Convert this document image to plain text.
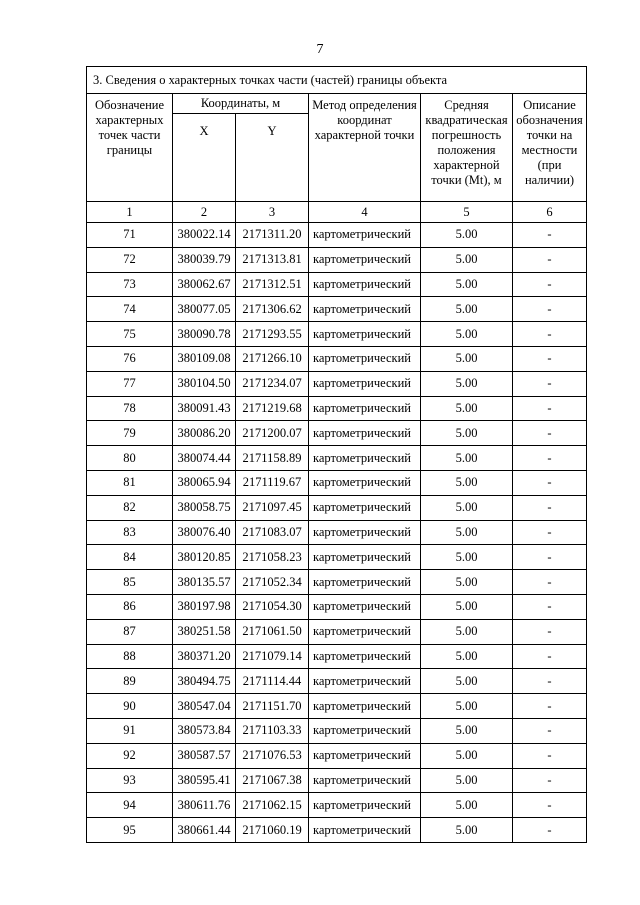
7
3. Сведения о характерных точках части (частей) границы объекта					
Обозначение характерных точек части границы	Координаты, м		Метод определения координат характерной точки	Средняя квадратическая погрешность положения характерной точки (Mt), м	Описание обозначения точки на местности (при наличии)
	X	Y			
1	2	3	4	5	6
71	380022.14	2171311.20	картометрический	5.00	-
72	380039.79	2171313.81	картометрический	5.00	-
73	380062.67	2171312.51	картометрический	5.00	-
74	380077.05	2171306.62	картометрический	5.00	-
75	380090.78	2171293.55	картометрический	5.00	-
76	380109.08	2171266.10	картометрический	5.00	-
77	380104.50	2171234.07	картометрический	5.00	-
78	380091.43	2171219.68	картометрический	5.00	-
79	380086.20	2171200.07	картометрический	5.00	-
80	380074.44	2171158.89	картометрический	5.00	-
81	380065.94	2171119.67	картометрический	5.00	-
82	380058.75	2171097.45	картометрический	5.00	-
83	380076.40	2171083.07	картометрический	5.00	-
84	380120.85	2171058.23	картометрический	5.00	-
85	380135.57	2171052.34	картометрический	5.00	-
86	380197.98	2171054.30	картометрический	5.00	-
87	380251.58	2171061.50	картометрический	5.00	-
88	380371.20	2171079.14	картометрический	5.00	-
89	380494.75	2171114.44	картометрический	5.00	-
90	380547.04	2171151.70	картометрический	5.00	-
91	380573.84	2171103.33	картометрический	5.00	-
92	380587.57	2171076.53	картометрический	5.00	-
93	380595.41	2171067.38	картометрический	5.00	-
94	380611.76	2171062.15	картометрический	5.00	-
95	380661.44	2171060.19	картометрический	5.00	-
